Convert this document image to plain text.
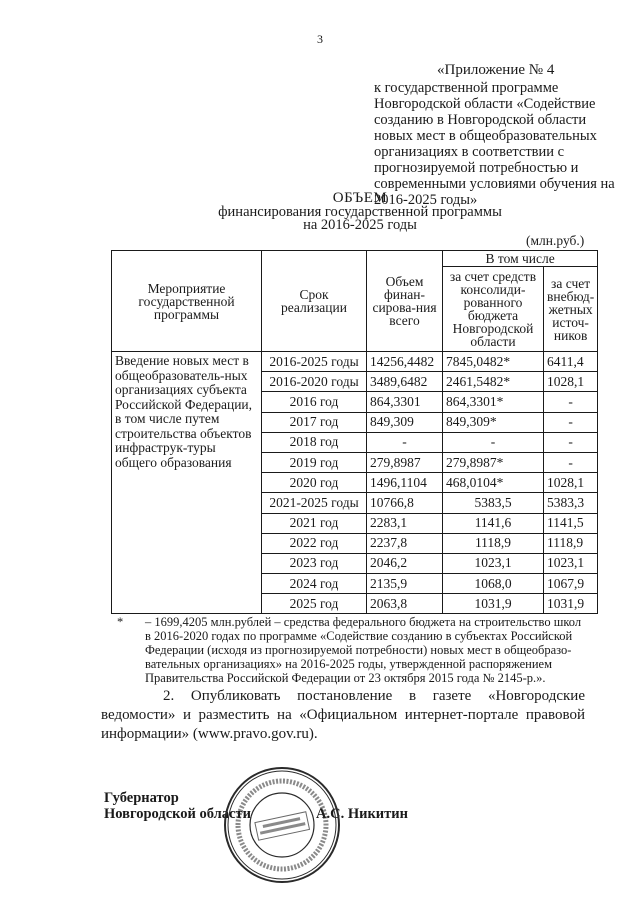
3
«Приложение № 4

к государственной программе Новгородской области «Содействие созданию в Новгородской области новых мест в общеобразовательных организациях в соответствии с прогнозируемой потребностью и современными условиями обучения на 2016-2025 годы»

ОБЪЕМ
финансирования государственной программы
на 2016-2025 годы
(млн.руб.)
Мероприятие государственной программы	Срок реализации	Объем финан-сирова-ния всего	В том числе	
			за счет средств консолиди-рованного бюджета Новгородской области	за счет внебюд-жетных источ-ников
Введение новых мест в общеобразователь-ных организациях субъекта Российской Федерации, в том числе путем строительства объектов инфраструк-туры общего образования	2016-2025 годы	14256,4482	7845,0482*	6411,4
	2016-2020 годы	3489,6482	2461,5482*	1028,1
	2016 год	864,3301	864,3301*	-
	2017 год	849,309	849,309*	-
	2018 год	-	-	-
	2019 год	279,8987	279,8987*	-
	2020 год	1496,1104	468,0104*	1028,1
	2021-2025 годы	10766,8	5383,5	5383,3
	2021 год	2283,1	1141,6	1141,5
	2022 год	2237,8	1118,9	1118,9
	2023 год	2046,2	1023,1	1023,1
	2024 год	2135,9	1068,0	1067,9
	2025 год	2063,8	1031,9	1031,9
* – 1699,4205 млн.рублей – средства федерального бюджета на строительство школ в 2016-2020 годах по программе «Содействие созданию в субъектах Российской Федерации (исходя из прогнозируемой потребности) новых мест в общеобразо-вательных организациях» на 2016-2025 годы, утвержденной распоряжением Правительства Российской Федерации от 23 октября 2015 года № 2145-р.».

2. Опубликовать постановление в газете «Новгородские ведомости» и разместить на «Официальном интернет-портале правовой информации» (www.pravo.gov.ru).

Губернатор
Новгородской области	А.С. Никитин
